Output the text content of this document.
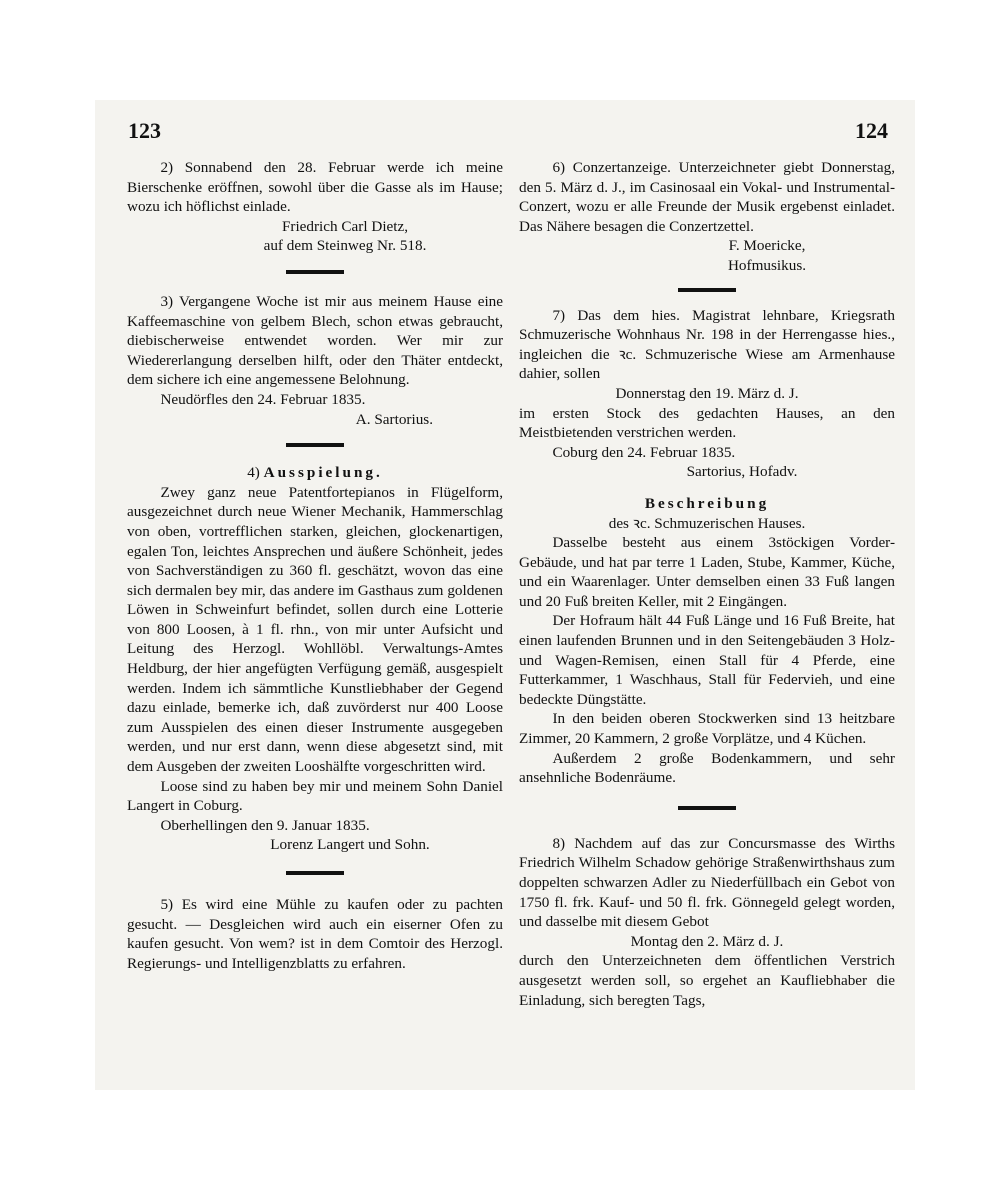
123	124

2) Sonnabend den 28. Februar werde ich meine Bierschenke eröffnen, sowohl über die Gasse als im Hause; wozu ich höflichst einlade.

Friedrich Carl Dietz,

auf dem Steinweg Nr. 518.

3) Vergangene Woche ist mir aus meinem Hause eine Kaffeemaschine von gelbem Blech, schon etwas gebraucht, diebischerweise entwendet worden. Wer mir zur Wiedererlangung derselben hilft, oder den Thäter entdeckt, dem sichere ich eine angemessene Belohnung.

Neudörfles den 24. Februar 1835.

A. Sartorius.

4) Ausspielung.

Zwey ganz neue Patentfortepianos in Flügelform, ausgezeichnet durch neue Wiener Mechanik, Hammerschlag von oben, vortrefflichen starken, gleichen, glockenartigen, egalen Ton, leichtes Ansprechen und äußere Schönheit, jedes von Sachverständigen zu 360 fl. geschätzt, wovon das eine sich dermalen bey mir, das andere im Gasthaus zum goldenen Löwen in Schweinfurt befindet, sollen durch eine Lotterie von 800 Loosen, à 1 fl. rhn., von mir unter Aufsicht und Leitung des Herzogl. Wohllöbl. Verwaltungs-Amtes Heldburg, der hier angefügten Verfügung gemäß, ausgespielt werden. Indem ich sämmtliche Kunstliebhaber der Gegend dazu einlade, bemerke ich, daß zuvörderst nur 400 Loose zum Ausspielen des einen dieser Instrumente ausgegeben werden, und nur erst dann, wenn diese abgesetzt sind, mit dem Ausgeben der zweiten Looshälfte vorgeschritten wird.

Loose sind zu haben bey mir und meinem Sohn Daniel Langert in Coburg.

Oberhellingen den 9. Januar 1835.

Lorenz Langert und Sohn.

5) Es wird eine Mühle zu kaufen oder zu pachten gesucht. — Desgleichen wird auch ein eiserner Ofen zu kaufen gesucht. Von wem? ist in dem Comtoir des Herzogl. Regierungs- und Intelligenzblatts zu erfahren.

6) Conzertanzeige. Unterzeichneter giebt Donnerstag, den 5. März d. J., im Casinosaal ein Vokal- und Instrumental-Conzert, wozu er alle Freunde der Musik ergebenst einladet. Das Nähere besagen die Conzertzettel.

F. Moericke,

Hofmusikus.

7) Das dem hies. Magistrat lehnbare, Kriegsrath Schmuzerische Wohnhaus Nr. 198 in der Herrengasse hies., ingleichen die ꝛc. Schmuzerische Wiese am Armenhause dahier, sollen

Donnerstag den 19. März d. J.

im ersten Stock des gedachten Hauses, an den Meistbietenden verstrichen werden.

Coburg den 24. Februar 1835.

Sartorius, Hofadv.

Beschreibung

des ꝛc. Schmuzerischen Hauses.

Dasselbe besteht aus einem 3stöckigen Vorder-Gebäude, und hat par terre 1 Laden, Stube, Kammer, Küche, und ein Waarenlager. Unter demselben einen 33 Fuß langen und 20 Fuß breiten Keller, mit 2 Eingängen.

Der Hofraum hält 44 Fuß Länge und 16 Fuß Breite, hat einen laufenden Brunnen und in den Seitengebäuden 3 Holz- und Wagen-Remisen, einen Stall für 4 Pferde, eine Futterkammer, 1 Waschhaus, Stall für Federvieh, und eine bedeckte Düngstätte.

In den beiden oberen Stockwerken sind 13 heitzbare Zimmer, 20 Kammern, 2 große Vorplätze, und 4 Küchen.

Außerdem 2 große Bodenkammern, und sehr ansehnliche Bodenräume.

8) Nachdem auf das zur Concursmasse des Wirths Friedrich Wilhelm Schadow gehörige Straßenwirthshaus zum doppelten schwarzen Adler zu Niederfüllbach ein Gebot von 1750 fl. frk. Kauf- und 50 fl. frk. Gönnegeld gelegt worden, und dasselbe mit diesem Gebot

Montag den 2. März d. J.

durch den Unterzeichneten dem öffentlichen Verstrich ausgesetzt werden soll, so ergehet an Kaufliebhaber die Einladung, sich beregten Tags,
